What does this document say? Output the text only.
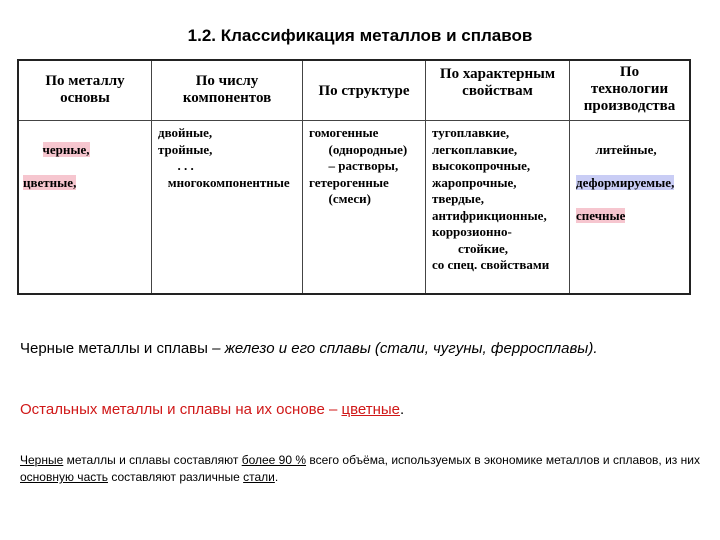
1.2. Классификация металлов и сплавов
По металлу
основы

черные,

цветные,

По числу
компонентов
двойные,
тройные,
. . .
многокомпонентные
По структуре
гомогенные
(однородные)
– растворы,
гетерогенные
(смеси)
По характерным
свойствам
тугоплавкие,
легкоплавкие,
высокопрочные,
жаропрочные,
твердые,
антифрикционные,
коррозионно-
стойкие,
со спец. свойствами
По
технологии
производства

литейные,

деформируемые,

спечные

Черные металлы и сплавы – железо и его сплавы (стали, чугуны, ферросплавы).
Остальных металлы и сплавы на их основе – цветные.
Черные металлы и сплавы составляют более 90 % всего объёма, используемых в экономике металлов и сплавов, из них основную часть составляют различные стали.
